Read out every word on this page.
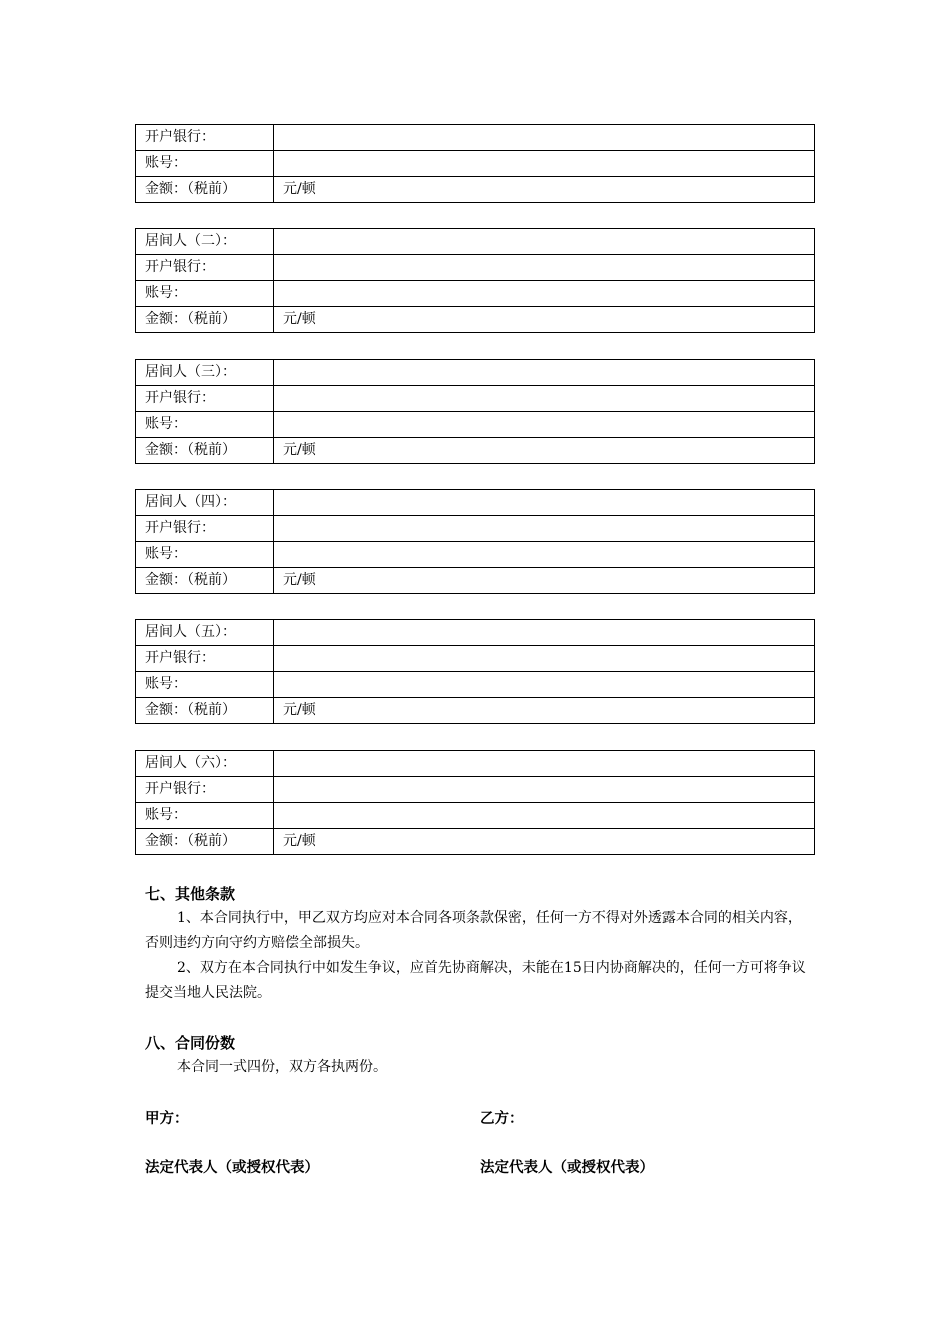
开户银行：	
账号：	
金额：（税前）	元/顿
居间人（二）：	
开户银行：	
账号：	
金额：（税前）	元/顿
居间人（三）：	
开户银行：	
账号：	
金额：（税前）	元/顿
居间人（四）：	
开户银行：	
账号：	
金额：（税前）	元/顿
居间人（五）：	
开户银行：	
账号：	
金额：（税前）	元/顿
居间人（六）：	
开户银行：	
账号：	
金额：（税前）	元/顿
七、其他条款

1、本合同执行中，甲乙双方均应对本合同各项条款保密，任何一方不得对外透露本合同的相关内容，否则违约方向守约方赔偿全部损失。

2、双方在本合同执行中如发生争议，应首先协商解决，未能在15日内协商解决的，任何一方可将争议提交当地人民法院。

八、合同份数

本合同一式四份，双方各执两份。

甲方：	乙方：
法定代表人（或授权代表）	法定代表人（或授权代表）
